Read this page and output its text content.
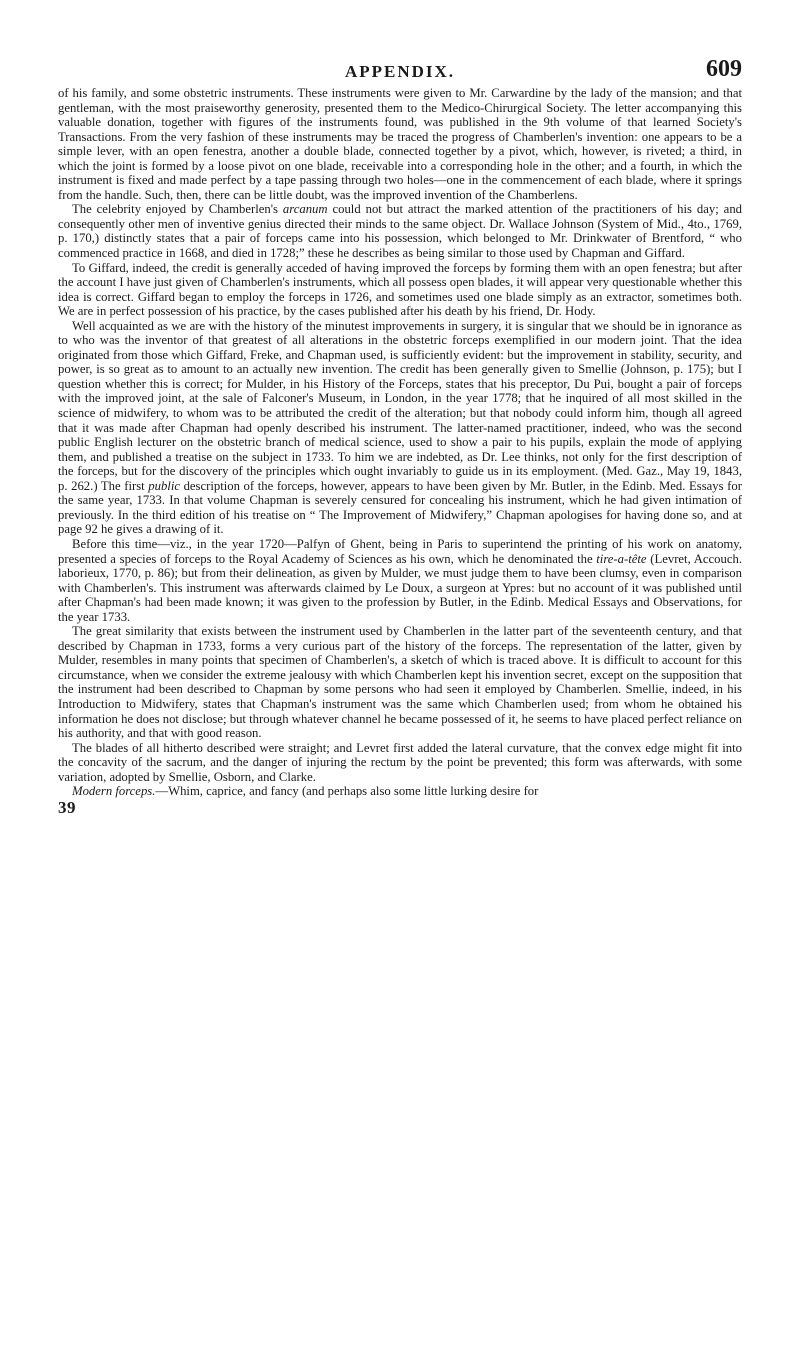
APPENDIX.	609

of his family, and some obstetric instruments. These instruments were given to Mr. Carwardine by the lady of the mansion; and that gentleman, with the most praiseworthy generosity, presented them to the Medico-Chirurgical Society. The letter accompanying this valuable donation, together with figures of the instruments found, was published in the 9th volume of that learned Society's Transactions. From the very fashion of these instruments may be traced the progress of Chamberlen's invention: one appears to be a simple lever, with an open fenestra, another a double blade, connected together by a pivot, which, however, is riveted; a third, in which the joint is formed by a loose pivot on one blade, receivable into a corresponding hole in the other; and a fourth, in which the instrument is fixed and made perfect by a tape passing through two holes—one in the commencement of each blade, where it springs from the handle. Such, then, there can be little doubt, was the improved invention of the Chamberlens.

The celebrity enjoyed by Chamberlen's arcanum could not but attract the marked attention of the practitioners of his day; and consequently other men of inventive genius directed their minds to the same object. Dr. Wallace Johnson (System of Mid., 4to., 1769, p. 170,) distinctly states that a pair of forceps came into his possession, which belonged to Mr. Drinkwater of Brentford, “ who commenced practice in 1668, and died in 1728;” these he describes as being similar to those used by Chapman and Giffard.

To Giffard, indeed, the credit is generally acceded of having improved the forceps by forming them with an open fenestra; but after the account I have just given of Chamberlen's instruments, which all possess open blades, it will appear very questionable whether this idea is correct. Giffard began to employ the forceps in 1726, and sometimes used one blade simply as an extractor, sometimes both. We are in perfect possession of his practice, by the cases published after his death by his friend, Dr. Hody.

Well acquainted as we are with the history of the minutest improvements in surgery, it is singular that we should be in ignorance as to who was the inventor of that greatest of all alterations in the obstetric forceps exemplified in our modern joint. That the idea originated from those which Giffard, Freke, and Chapman used, is sufficiently evident: but the improvement in stability, security, and power, is so great as to amount to an actually new invention. The credit has been generally given to Smellie (Johnson, p. 175); but I question whether this is correct; for Mulder, in his History of the Forceps, states that his preceptor, Du Pui, bought a pair of forceps with the improved joint, at the sale of Falconer's Museum, in London, in the year 1778; that he inquired of all most skilled in the science of midwifery, to whom was to be attributed the credit of the alteration; but that nobody could inform him, though all agreed that it was made after Chapman had openly described his instrument. The latter-named practitioner, indeed, who was the second public English lecturer on the obstetric branch of medical science, used to show a pair to his pupils, explain the mode of applying them, and published a treatise on the subject in 1733. To him we are indebted, as Dr. Lee thinks, not only for the first description of the forceps, but for the discovery of the principles which ought invariably to guide us in its employment. (Med. Gaz., May 19, 1843, p. 262.) The first public description of the forceps, however, appears to have been given by Mr. Butler, in the Edinb. Med. Essays for the same year, 1733. In that volume Chapman is severely censured for concealing his instrument, which he had given intimation of previously. In the third edition of his treatise on “ The Improvement of Midwifery,” Chapman apologises for having done so, and at page 92 he gives a drawing of it.

Before this time—viz., in the year 1720—Palfyn of Ghent, being in Paris to superintend the printing of his work on anatomy, presented a species of forceps to the Royal Academy of Sciences as his own, which he denominated the tire-a-tête (Levret, Accouch. laborieux, 1770, p. 86); but from their delineation, as given by Mulder, we must judge them to have been clumsy, even in comparison with Chamberlen's. This instrument was afterwards claimed by Le Doux, a surgeon at Ypres: but no account of it was published until after Chapman's had been made known; it was given to the profession by Butler, in the Edinb. Medical Essays and Observations, for the year 1733.

The great similarity that exists between the instrument used by Chamberlen in the latter part of the seventeenth century, and that described by Chapman in 1733, forms a very curious part of the history of the forceps. The representation of the latter, given by Mulder, resembles in many points that specimen of Chamberlen's, a sketch of which is traced above. It is difficult to account for this circumstance, when we consider the extreme jealousy with which Chamberlen kept his invention secret, except on the supposition that the instrument had been described to Chapman by some persons who had seen it employed by Chamberlen. Smellie, indeed, in his Introduction to Midwifery, states that Chapman's instrument was the same which Chamberlen used; from whom he obtained his information he does not disclose; but through whatever channel he became possessed of it, he seems to have placed perfect reliance on his authority, and that with good reason.

The blades of all hitherto described were straight; and Levret first added the lateral curvature, that the convex edge might fit into the concavity of the sacrum, and the danger of injuring the rectum by the point be prevented; this form was afterwards, with some variation, adopted by Smellie, Osborn, and Clarke.

Modern forceps.—Whim, caprice, and fancy (and perhaps also some little lurking desire for

39
